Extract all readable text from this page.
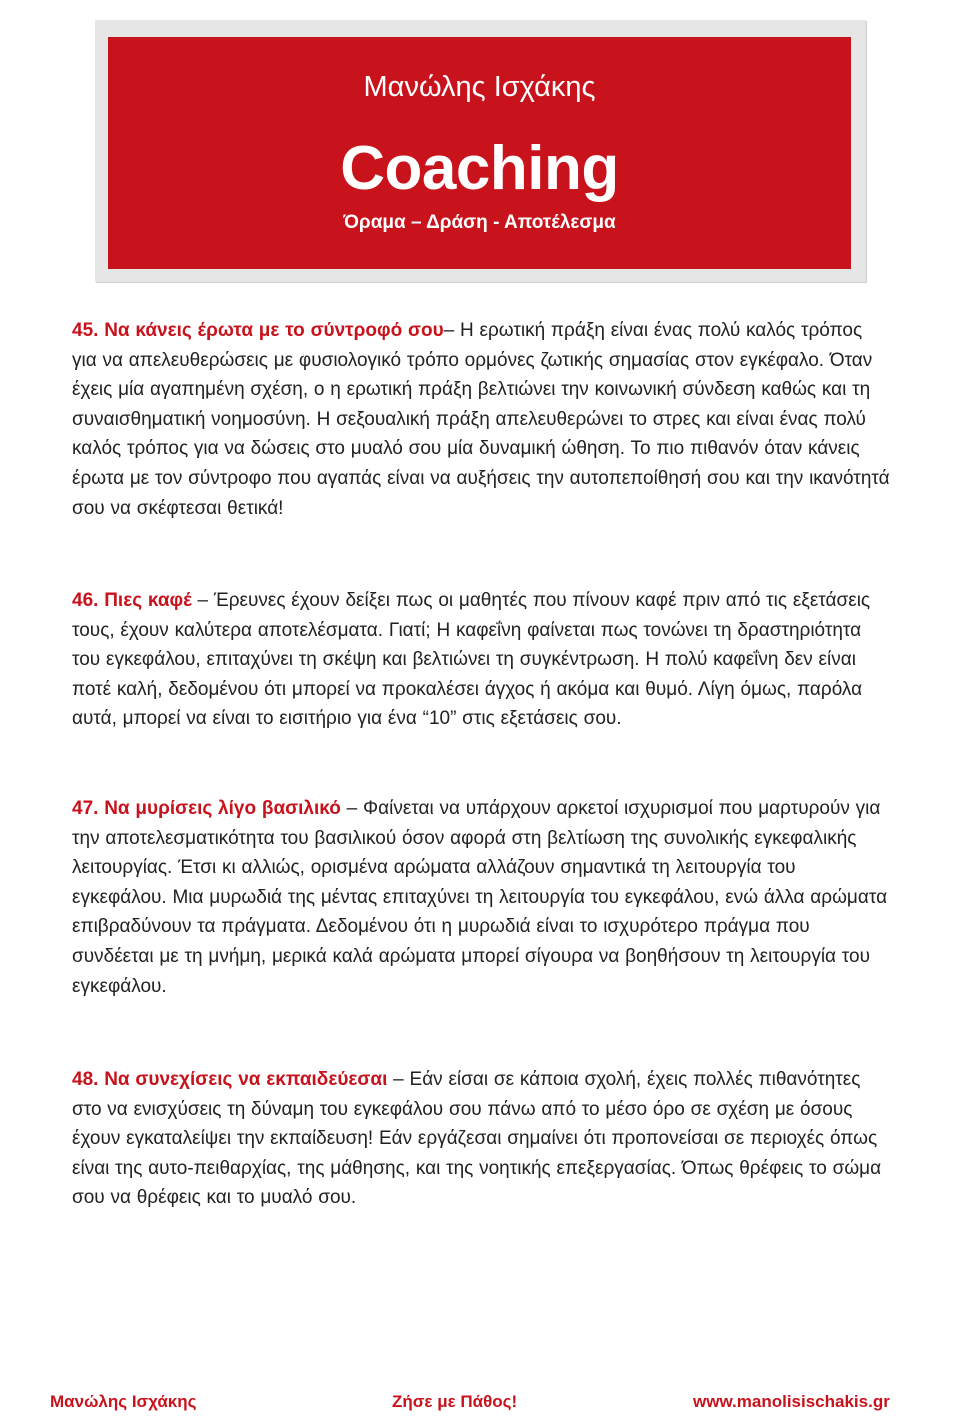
Μανώλης Ισχάκης
Coaching
Όραμα – Δράση - Αποτέλεσμα

45. Να κάνεις έρωτα με το σύντροφό σου– Η ερωτική πράξη είναι ένας πολύ καλός τρόπος για να απελευθερώσεις με φυσιολογικό τρόπο ορμόνες ζωτικής σημασίας στον εγκέφαλο. Όταν έχεις μία αγαπημένη σχέση, ο η ερωτική πράξη βελτιώνει την κοινωνική σύνδεση καθώς και τη συναισθηματική νοημοσύνη. Η σεξουαλική πράξη απελευθερώνει το στρες και είναι ένας πολύ καλός τρόπος για να δώσεις στο μυαλό σου μία δυναμική ώθηση. Το πιο πιθανόν όταν κάνεις έρωτα με τον σύντροφο που αγαπάς είναι να αυξήσεις την αυτοπεποίθησή σου και την ικανότητά σου να σκέφτεσαι θετικά!

46. Πιες καφέ – Έρευνες έχουν δείξει πως οι μαθητές που πίνουν καφέ πριν από τις εξετάσεις τους, έχουν καλύτερα αποτελέσματα. Γιατί; Η καφεΐνη φαίνεται πως τονώνει τη δραστηριότητα του εγκεφάλου, επιταχύνει τη σκέψη και βελτιώνει τη συγκέντρωση. Η πολύ καφεΐνη δεν είναι ποτέ καλή, δεδομένου ότι μπορεί να προκαλέσει άγχος ή ακόμα και θυμό. Λίγη όμως, παρόλα αυτά, μπορεί να είναι το εισιτήριο για ένα “10” στις εξετάσεις σου.

47. Να μυρίσεις λίγο βασιλικό – Φαίνεται να υπάρχουν αρκετοί ισχυρισμοί που μαρτυρούν για την αποτελεσματικότητα του βασιλικού όσον αφορά στη βελτίωση της συνολικής εγκεφαλικής λειτουργίας. Έτσι κι αλλιώς, ορισμένα αρώματα αλλάζουν σημαντικά τη λειτουργία του εγκεφάλου. Μια μυρωδιά της μέντας επιταχύνει τη λειτουργία του εγκεφάλου, ενώ άλλα αρώματα επιβραδύνουν τα πράγματα. Δεδομένου ότι η μυρωδιά είναι το ισχυρότερο πράγμα που συνδέεται με τη μνήμη, μερικά καλά αρώματα μπορεί σίγουρα να βοηθήσουν τη λειτουργία του εγκεφάλου.

48. Να συνεχίσεις να εκπαιδεύεσαι – Εάν είσαι σε κάποια σχολή, έχεις πολλές πιθανότητες στο να ενισχύσεις τη δύναμη του εγκεφάλου σου πάνω από το μέσο όρο σε σχέση με όσους έχουν εγκαταλείψει την εκπαίδευση! Εάν εργάζεσαι σημαίνει ότι προπονείσαι σε περιοχές όπως είναι της αυτο-πειθαρχίας, της μάθησης, και της νοητικής επεξεργασίας. Όπως θρέφεις το σώμα σου να θρέφεις και το μυαλό σου.

Μανώλης Ισχάκης	Ζήσε με Πάθος!	www.manolisischakis.gr
